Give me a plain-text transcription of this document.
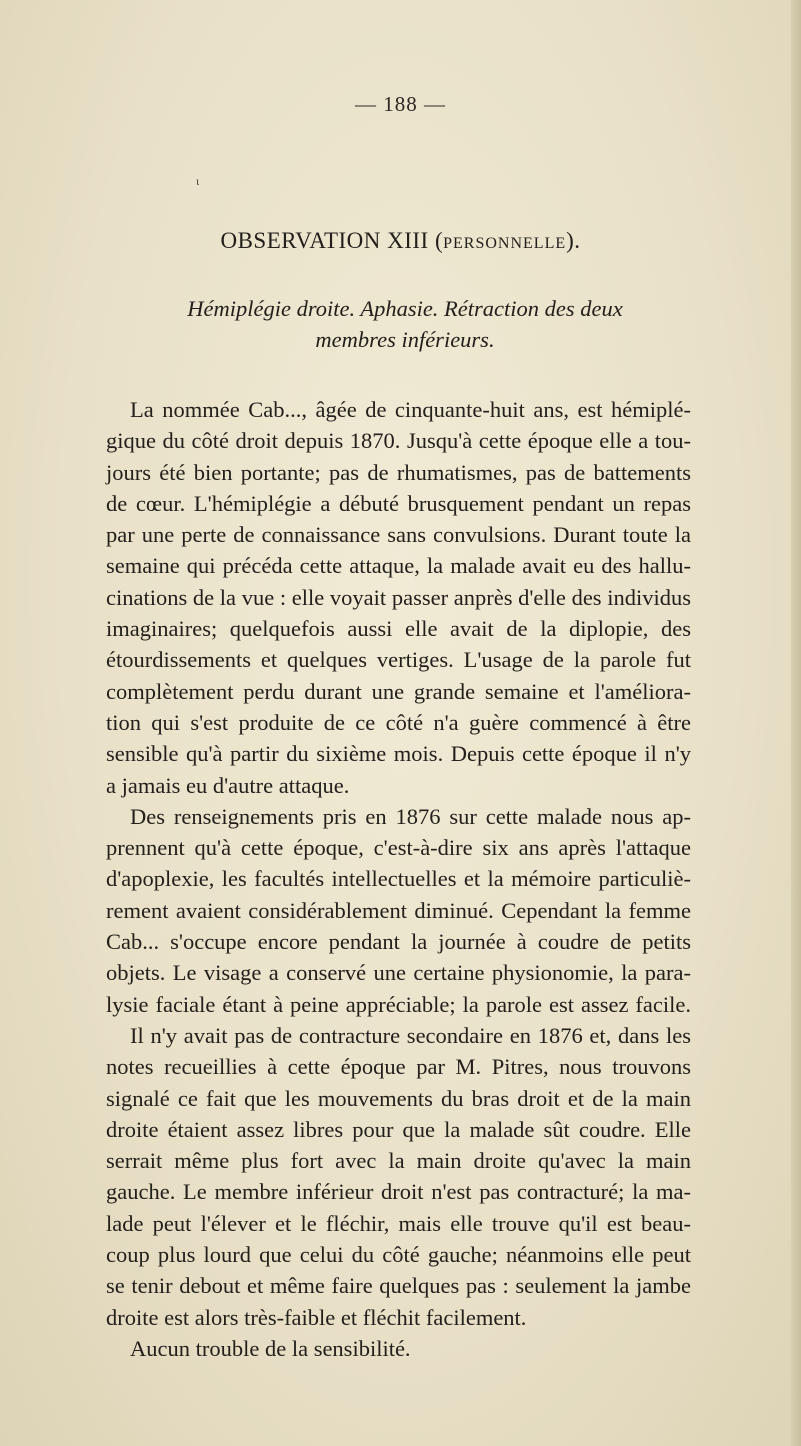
— 188 —
ι
OBSERVATION XIII (PERSONNELLE).
Hémiplégie droite. Aphasie. Rétraction des deux
membres inférieurs.
La nommée Cab..., âgée de cinquante-huit ans, est hémiplé-
gique du côté droit depuis 1870. Jusqu'à cette époque elle a tou-
jours été bien portante; pas de rhumatismes, pas de battements
de cœur. L'hémiplégie a débuté brusquement pendant un repas
par une perte de connaissance sans convulsions. Durant toute la
semaine qui précéda cette attaque, la malade avait eu des hallu-
cinations de la vue : elle voyait passer anprès d'elle des individus
imaginaires; quelquefois aussi elle avait de la diplopie, des
étourdissements et quelques vertiges. L'usage de la parole fut
complètement perdu durant une grande semaine et l'améliora-
tion qui s'est produite de ce côté n'a guère commencé à être
sensible qu'à partir du sixième mois. Depuis cette époque il n'y
a jamais eu d'autre attaque.
Des renseignements pris en 1876 sur cette malade nous ap-
prennent qu'à cette époque, c'est-à-dire six ans après l'attaque
d'apoplexie, les facultés intellectuelles et la mémoire particuliè-
rement avaient considérablement diminué. Cependant la femme
Cab... s'occupe encore pendant la journée à coudre de petits
objets. Le visage a conservé une certaine physionomie, la para-
lysie faciale étant à peine appréciable; la parole est assez facile.
Il n'y avait pas de contracture secondaire en 1876 et, dans les
notes recueillies à cette époque par M. Pitres, nous trouvons
signalé ce fait que les mouvements du bras droit et de la main
droite étaient assez libres pour que la malade sût coudre. Elle
serrait même plus fort avec la main droite qu'avec la main
gauche. Le membre inférieur droit n'est pas contracturé; la ma-
lade peut l'élever et le fléchir, mais elle trouve qu'il est beau-
coup plus lourd que celui du côté gauche; néanmoins elle peut
se tenir debout et même faire quelques pas : seulement la jambe
droite est alors très-faible et fléchit facilement.
Aucun trouble de la sensibilité.
